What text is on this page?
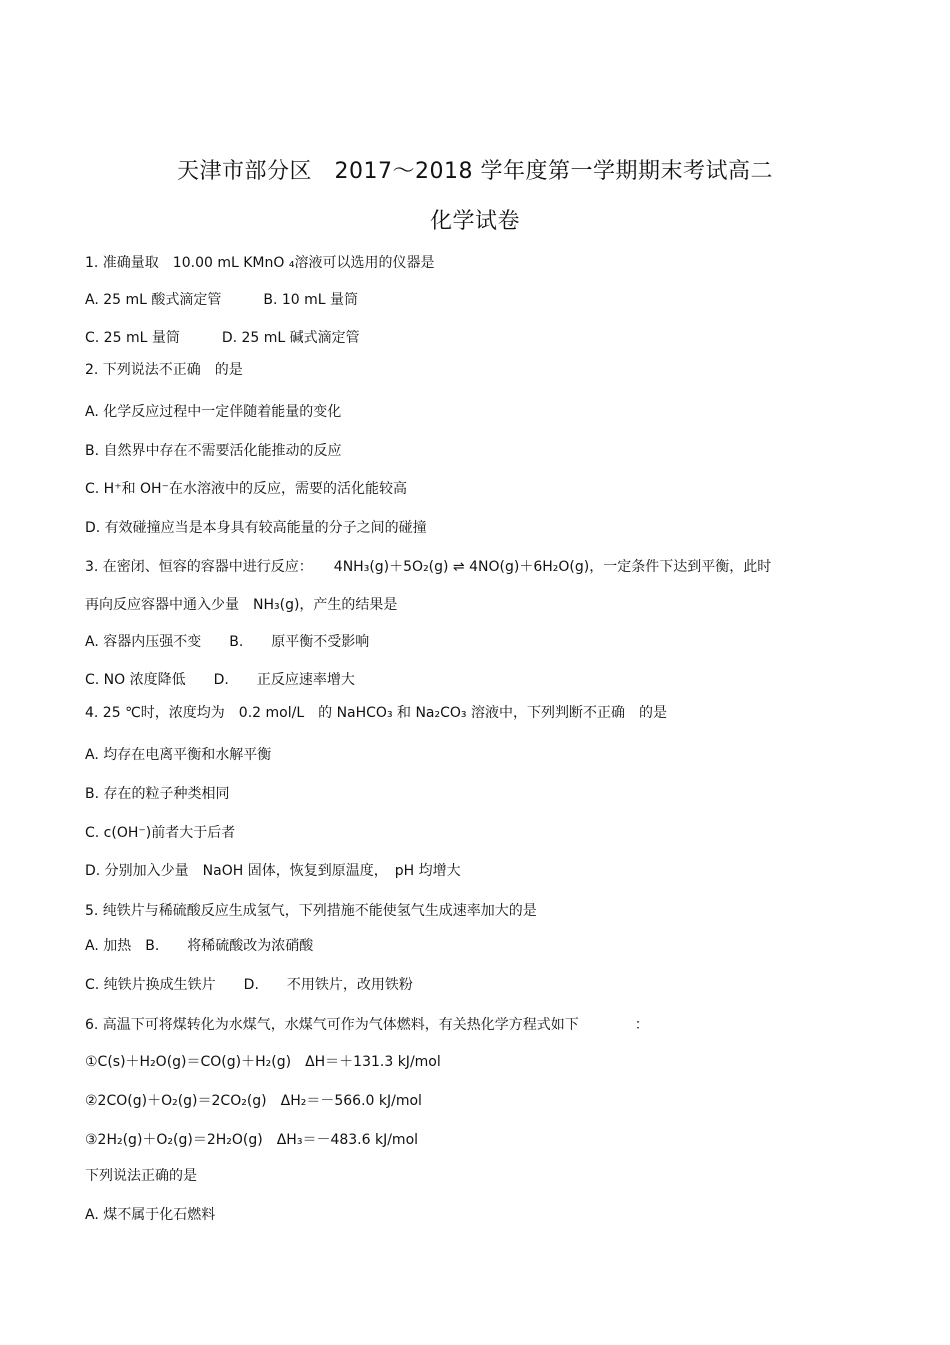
天津市部分区　2017～2018 学年度第一学期期末考试高二
化学试卷
1. 准确量取　10.00 mL KMnO ₄溶液可以选用的仪器是
A. 25 mL 酸式滴定管　　　B. 10 mL 量筒
C. 25 mL 量筒　　　D. 25 mL 碱式滴定管
2. 下列说法不正确　的是
A. 化学反应过程中一定伴随着能量的变化
B. 自然界中存在不需要活化能推动的反应
C. H⁺和 OH⁻在水溶液中的反应，需要的活化能较高
D. 有效碰撞应当是本身具有较高能量的分子之间的碰撞
3. 在密闭、恒容的容器中进行反应：　　4NH₃(g)＋5O₂(g) ⇌ 4NO(g)＋6H₂O(g)，一定条件下达到平衡，此时
再向反应容器中通入少量　NH₃(g)，产生的结果是
A. 容器内压强不变　　B.　　原平衡不受影响
C. NO 浓度降低　　D.　　正反应速率增大
4. 25 ℃时，浓度均为　0.2 mol/L　的 NaHCO₃ 和 Na₂CO₃ 溶液中，下列判断不正确　的是
A. 均存在电离平衡和水解平衡
B. 存在的粒子种类相同
C. c(OH⁻)前者大于后者
D. 分别加入少量　NaOH 固体，恢复到原温度，　pH 均增大
5. 纯铁片与稀硫酸反应生成氢气，下列措施不能使氢气生成速率加大的是
A. 加热　B.　　将稀硫酸改为浓硝酸
C. 纯铁片换成生铁片　　D.　　不用铁片，改用铁粉
6. 高温下可将煤转化为水煤气，水煤气可作为气体燃料，有关热化学方程式如下　　　　：
①C(s)＋H₂O(g)＝CO(g)＋H₂(g)　ΔH＝＋131.3 kJ/mol
②2CO(g)＋O₂(g)＝2CO₂(g)　ΔH₂＝－566.0 kJ/mol
③2H₂(g)＋O₂(g)＝2H₂O(g)　ΔH₃＝－483.6 kJ/mol
下列说法正确的是
A. 煤不属于化石燃料
